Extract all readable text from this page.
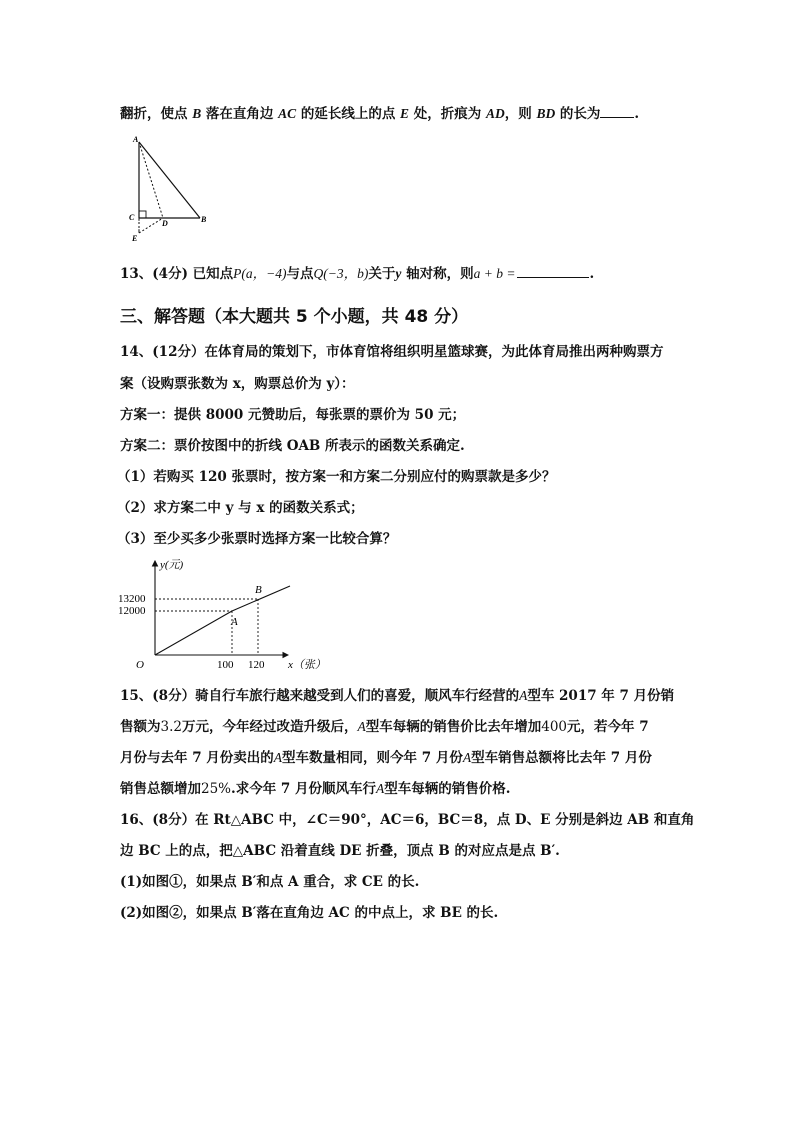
翻折，使点 B 落在直角边 AC 的延长线上的点 E 处，折痕为 AD，则 BD 的长为	.
A
C
D	B
E
13、(4分) 已知点P(a，−4)与点Q(−3，b)关于y 轴对称，则a + b =	.
三、解答题（本大题共 5 个小题，共 48 分）
14、(12分）在体育局的策划下，市体育馆将组织明星篮球赛，为此体育局推出两种购票方
案（设购票张数为 x，购票总价为 y）：
方案一：提供 8000 元赞助后，每张票的票价为 50 元；
方案二：票价按图中的折线 OAB 所表示的函数关系确定.
（1）若购买 120 张票时，按方案一和方案二分别应付的购票款是多少？
（2）求方案二中 y 与 x 的函数关系式；
（3）至少买多少张票时选择方案一比较合算？
y(元)
x（张）
O
13200
12000
100 120
A
B
15、(8分）骑自行车旅行越来越受到人们的喜爱，顺风车行经营的A型车 2017 年 7 月份销
售额为3.2万元，今年经过改造升级后，A型车每辆的销售价比去年增加400元，若今年 7
月份与去年 7 月份卖出的A型车数量相同，则今年 7 月份A型车销售总额将比去年 7 月份
销售总额增加25%.求今年 7 月份顺风车行A型车每辆的销售价格.
16、(8分）在 Rt△ABC 中，∠C＝90°，AC＝6，BC＝8，点 D、E 分别是斜边 AB 和直角
边 BC 上的点，把△ABC 沿着直线 DE 折叠，顶点 B 的对应点是点 B′.
(1)如图①，如果点 B′和点 A 重合，求 CE 的长.
(2)如图②，如果点 B′落在直角边 AC 的中点上，求 BE 的长.
